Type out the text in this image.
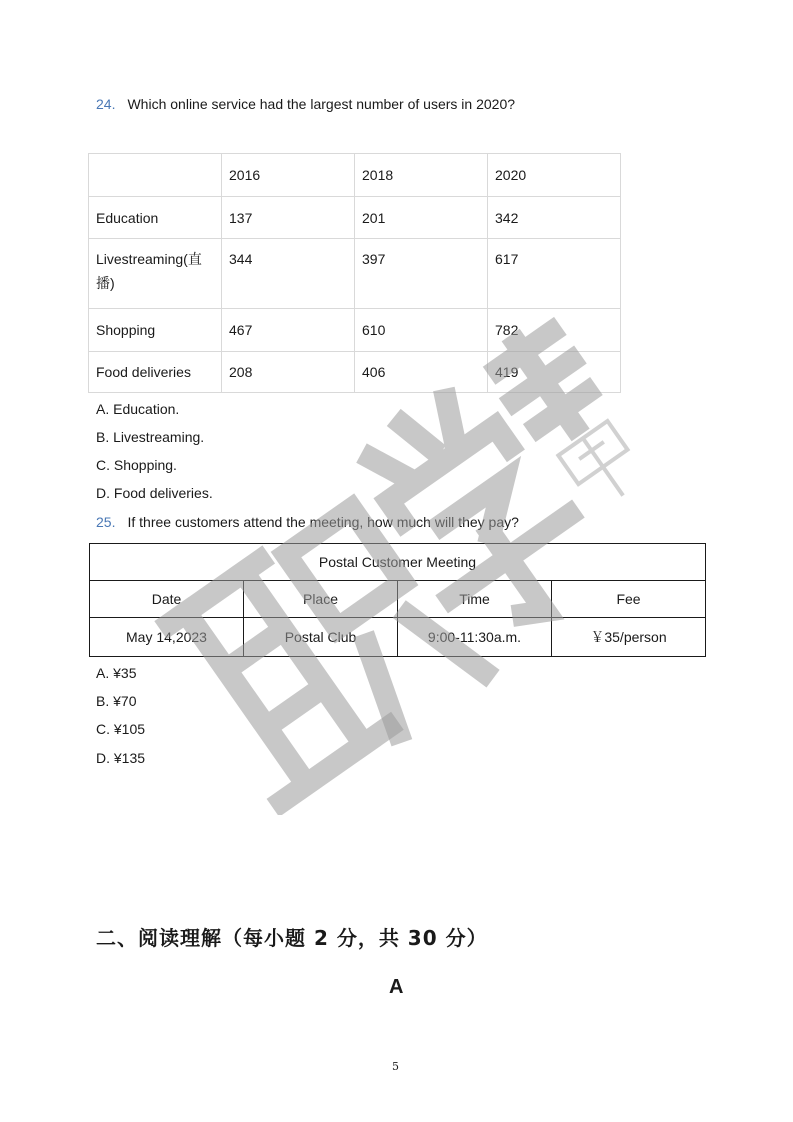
24. Which online service had the largest number of users in 2020?
	2016	2018	2020
Education	137	201	342
Livestreaming(直播)	344	397	617
Shopping	467	610	782
Food deliveries	208	406	419
A. Education.
B. Livestreaming.
C. Shopping.
D. Food deliveries.
25. If three customers attend the meeting, how much will they pay?
Postal Customer Meeting			
Date	Place	Time	Fee
May 14,2023	Postal Club	9:00-11:30a.m.	￥35/person
A. ¥35
B. ¥70
C. ¥105
D. ¥135
二、阅读理解（每小题 2 分，共 30 分）
A
5
